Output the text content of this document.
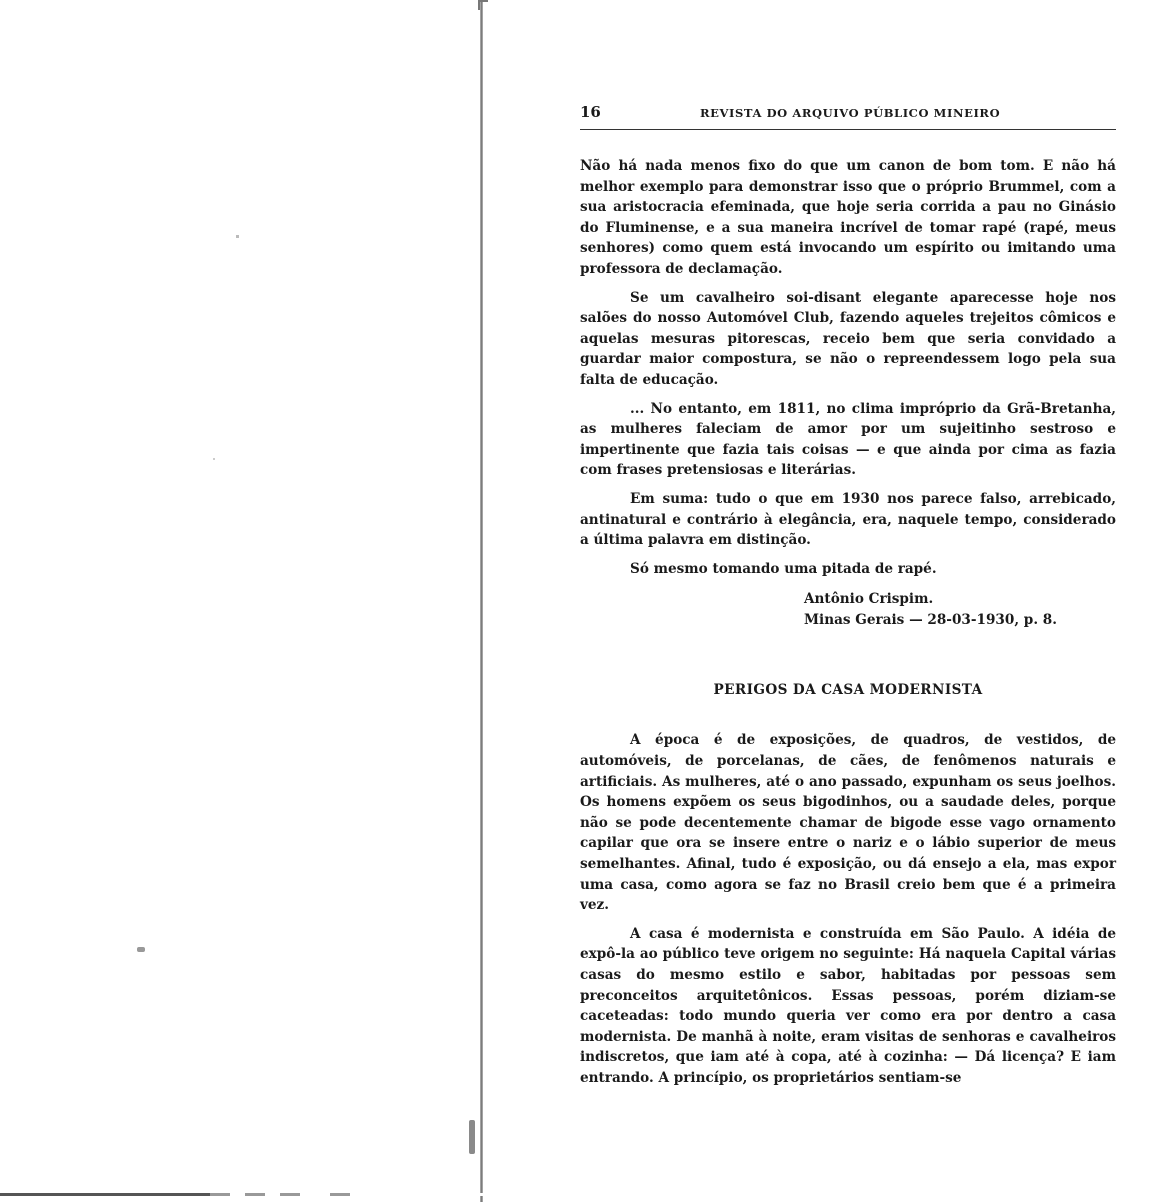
16	REVISTA DO ARQUIVO PÚBLICO MINEIRO

Não há nada menos fixo do que um canon de bom tom. E não há melhor exemplo para demonstrar isso que o próprio Brummel, com a sua aristocracia efeminada, que hoje seria corrida a pau no Ginásio do Fluminense, e a sua maneira incrível de tomar rapé (rapé, meus senhores) como quem está invocando um espírito ou imitando uma professora de declamação.

Se um cavalheiro soi-disant elegante aparecesse hoje nos salões do nosso Automóvel Club, fazendo aqueles trejeitos cômicos e aquelas mesuras pitorescas, receio bem que seria convidado a guardar maior compostura, se não o repreendessem logo pela sua falta de educação.

... No entanto, em 1811, no clima impróprio da Grã-Bretanha, as mulheres faleciam de amor por um sujeitinho sestroso e impertinente que fazia tais coisas — e que ainda por cima as fazia com frases pretensiosas e literárias.

Em suma: tudo o que em 1930 nos parece falso, arrebicado, antinatural e contrário à elegância, era, naquele tempo, considerado a última palavra em distinção.

Só mesmo tomando uma pitada de rapé.

Antônio Crispim.
Minas Gerais — 28-03-1930, p. 8.
PERIGOS DA CASA MODERNISTA

A época é de exposições, de quadros, de vestidos, de automóveis, de porcelanas, de cães, de fenômenos naturais e artificiais. As mulheres, até o ano passado, expunham os seus joelhos. Os homens expõem os seus bigodinhos, ou a saudade deles, porque não se pode decentemente chamar de bigode esse vago ornamento capilar que ora se insere entre o nariz e o lábio superior de meus semelhantes. Afinal, tudo é exposição, ou dá ensejo a ela, mas expor uma casa, como agora se faz no Brasil creio bem que é a primeira vez.

A casa é modernista e construída em São Paulo. A idéia de expô-la ao público teve origem no seguinte: Há naquela Capital várias casas do mesmo estilo e sabor, habitadas por pessoas sem preconceitos arquitetônicos. Essas pessoas, porém diziam-se caceteadas: todo mundo queria ver como era por dentro a casa modernista. De manhã à noite, eram visitas de senhoras e cavalheiros indiscretos, que iam até à copa, até à cozinha: — Dá licença? E iam entrando. A princípio, os proprietários sentiam-se
